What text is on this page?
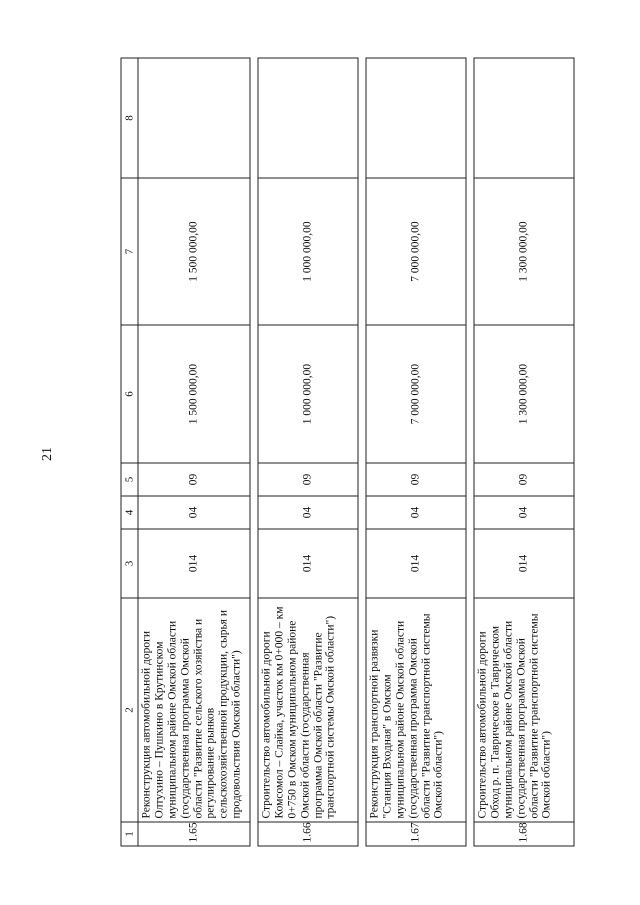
21
1	2	3	4	5	6	7	8
1.65	Реконструкция автомобильной дороги Олтухино – Пушкино в Крутинском муниципальном районе Омской области (государственная программа Омской области "Развитие сельского хозяйства и регулирование рынков сельскохозяйственной продукции, сырья и продовольствия Омской области")	014	04	09	1 500 000,00	1 500 000,00	

1.66	Строительство автомобильной дороги Комсомол – Слайка, участок км 0+000 – км 0+750 в Омском муниципальном районе Омской области (государственная программа Омской области "Развитие транспортной системы Омской области")	014	04	09	1 000 000,00	1 000 000,00	

1.67	Реконструкция транспортной развязки "Станция Входная" в Омском муниципальном районе Омской области (государственная программа Омской области "Развитие транспортной системы Омской области")	014	04	09	7 000 000,00	7 000 000,00	

1.68	Строительство автомобильной дороги Обход р. п. Таврическое в Таврическом муниципальном районе Омской области (государственная программа Омской области "Развитие транспортной системы Омской области")	014	04	09	1 300 000,00	1 300 000,00	
